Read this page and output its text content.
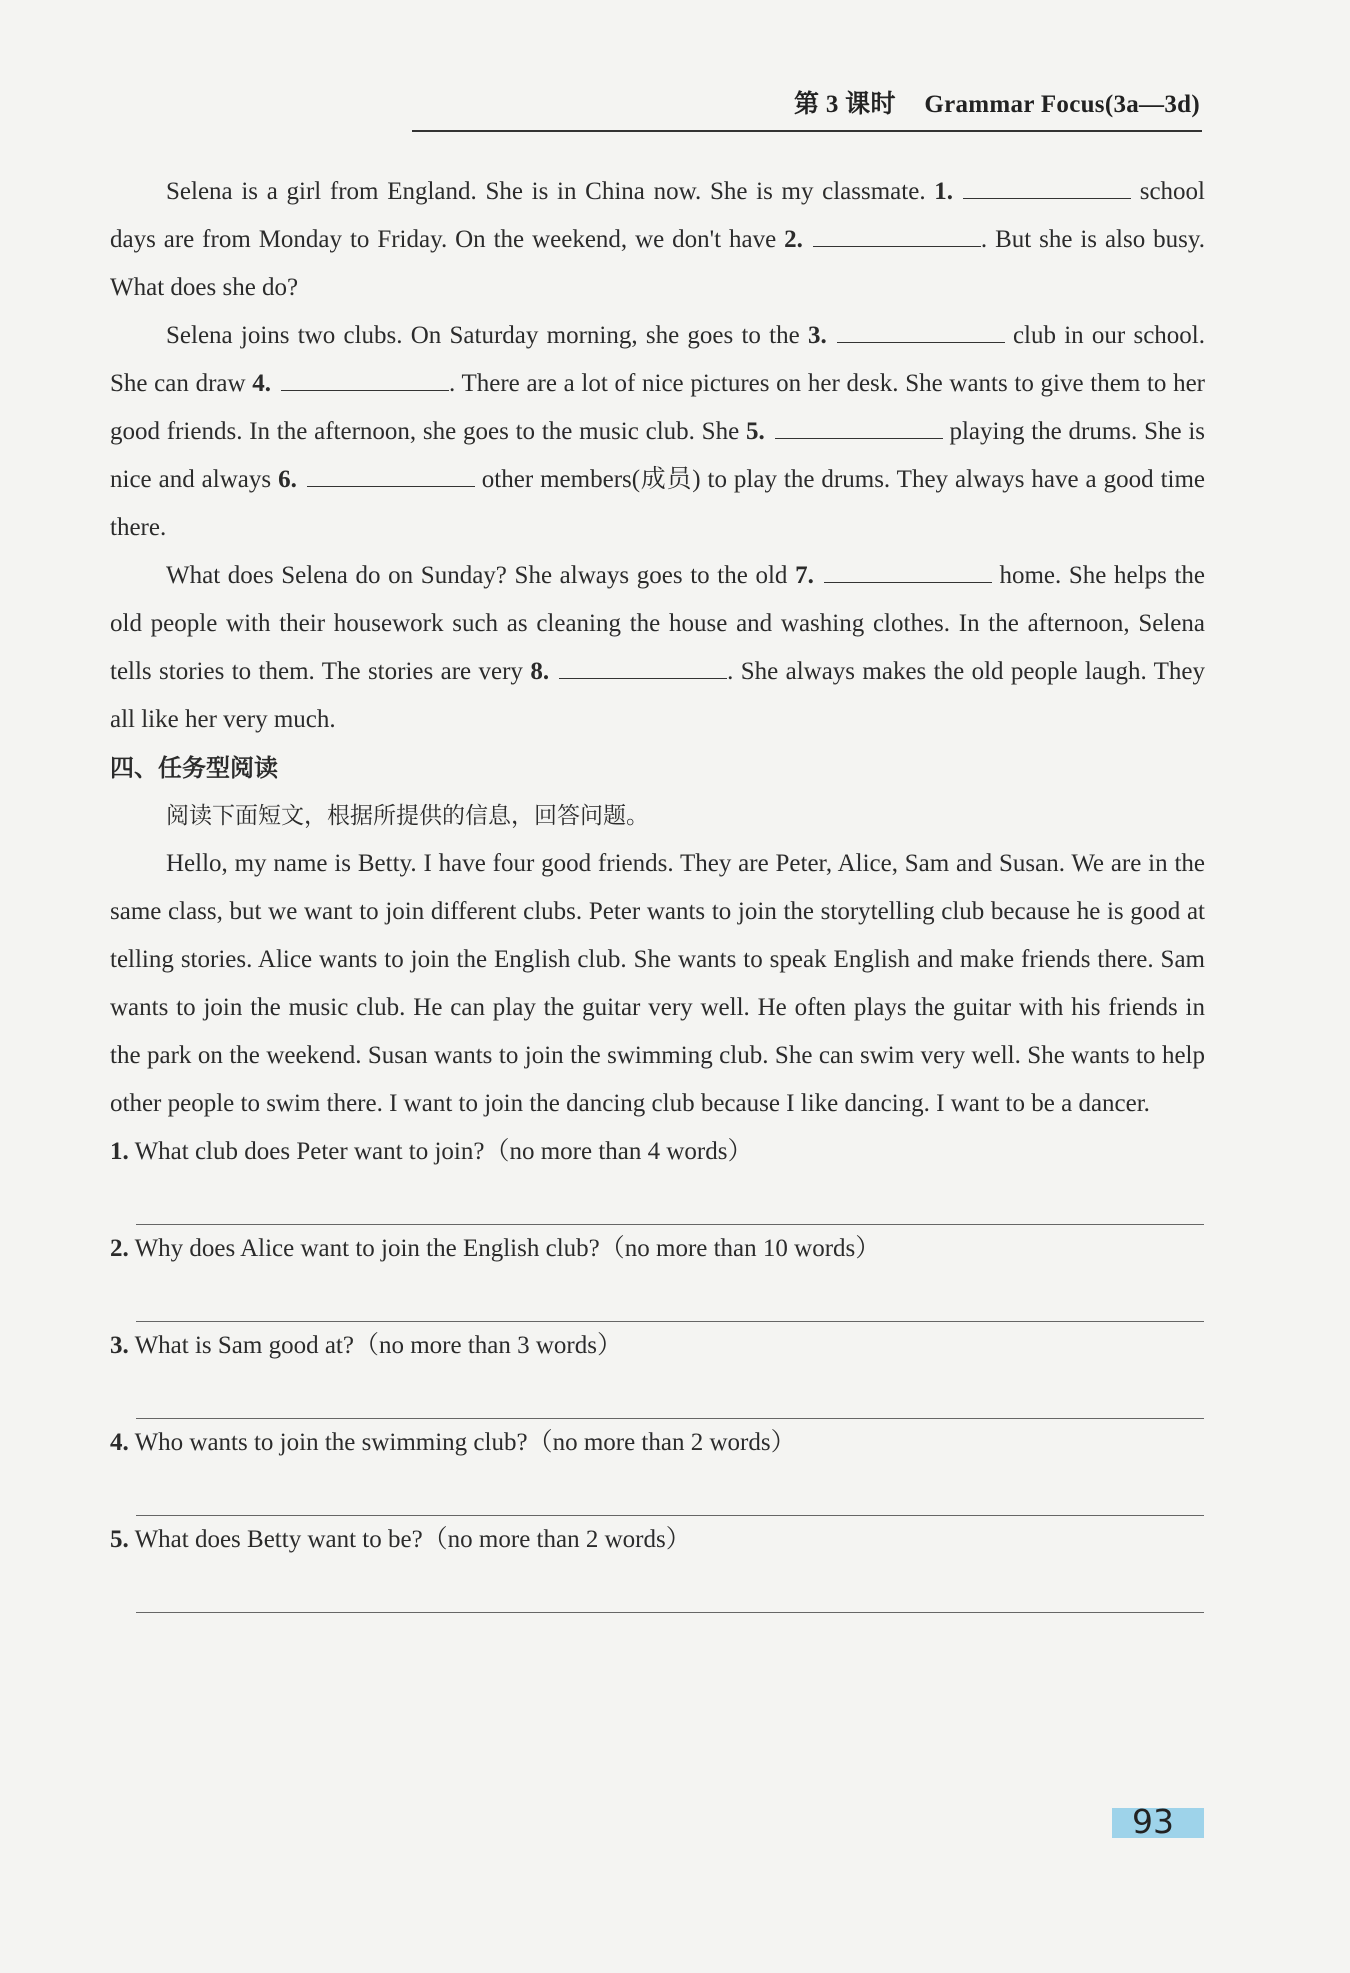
第 3 课时 Grammar Focus(3a—3d)

Selena is a girl from England. She is in China now. She is my classmate. 1.	school days are from Monday to Friday. On the weekend, we don't have 2.	. But she is also busy. What does she do?

Selena joins two clubs. On Saturday morning, she goes to the 3.	club in our school. She can draw 4.	. There are a lot of nice pictures on her desk. She wants to give them to her good friends. In the afternoon, she goes to the music club. She 5.	playing the drums. She is nice and always 6.	other members(成员) to play the drums. They always have a good time there.

What does Selena do on Sunday? She always goes to the old 7.	home. She helps the old people with their housework such as cleaning the house and washing clothes. In the afternoon, Selena tells stories to them. The stories are very 8.	. She always makes the old people laugh. They all like her very much.

四、任务型阅读

阅读下面短文，根据所提供的信息，回答问题。

Hello, my name is Betty. I have four good friends. They are Peter, Alice, Sam and Susan. We are in the same class, but we want to join different clubs. Peter wants to join the storytelling club because he is good at telling stories. Alice wants to join the English club. She wants to speak English and make friends there. Sam wants to join the music club. He can play the guitar very well. He often plays the guitar with his friends in the park on the weekend. Susan wants to join the swimming club. She can swim very well. She wants to help other people to swim there. I want to join the dancing club because I like dancing. I want to be a dancer.

1. What club does Peter want to join?（no more than 4 words）

2. Why does Alice want to join the English club?（no more than 10 words）

3. What is Sam good at?（no more than 3 words）

4. Who wants to join the swimming club?（no more than 2 words）

5. What does Betty want to be?（no more than 2 words）

93
